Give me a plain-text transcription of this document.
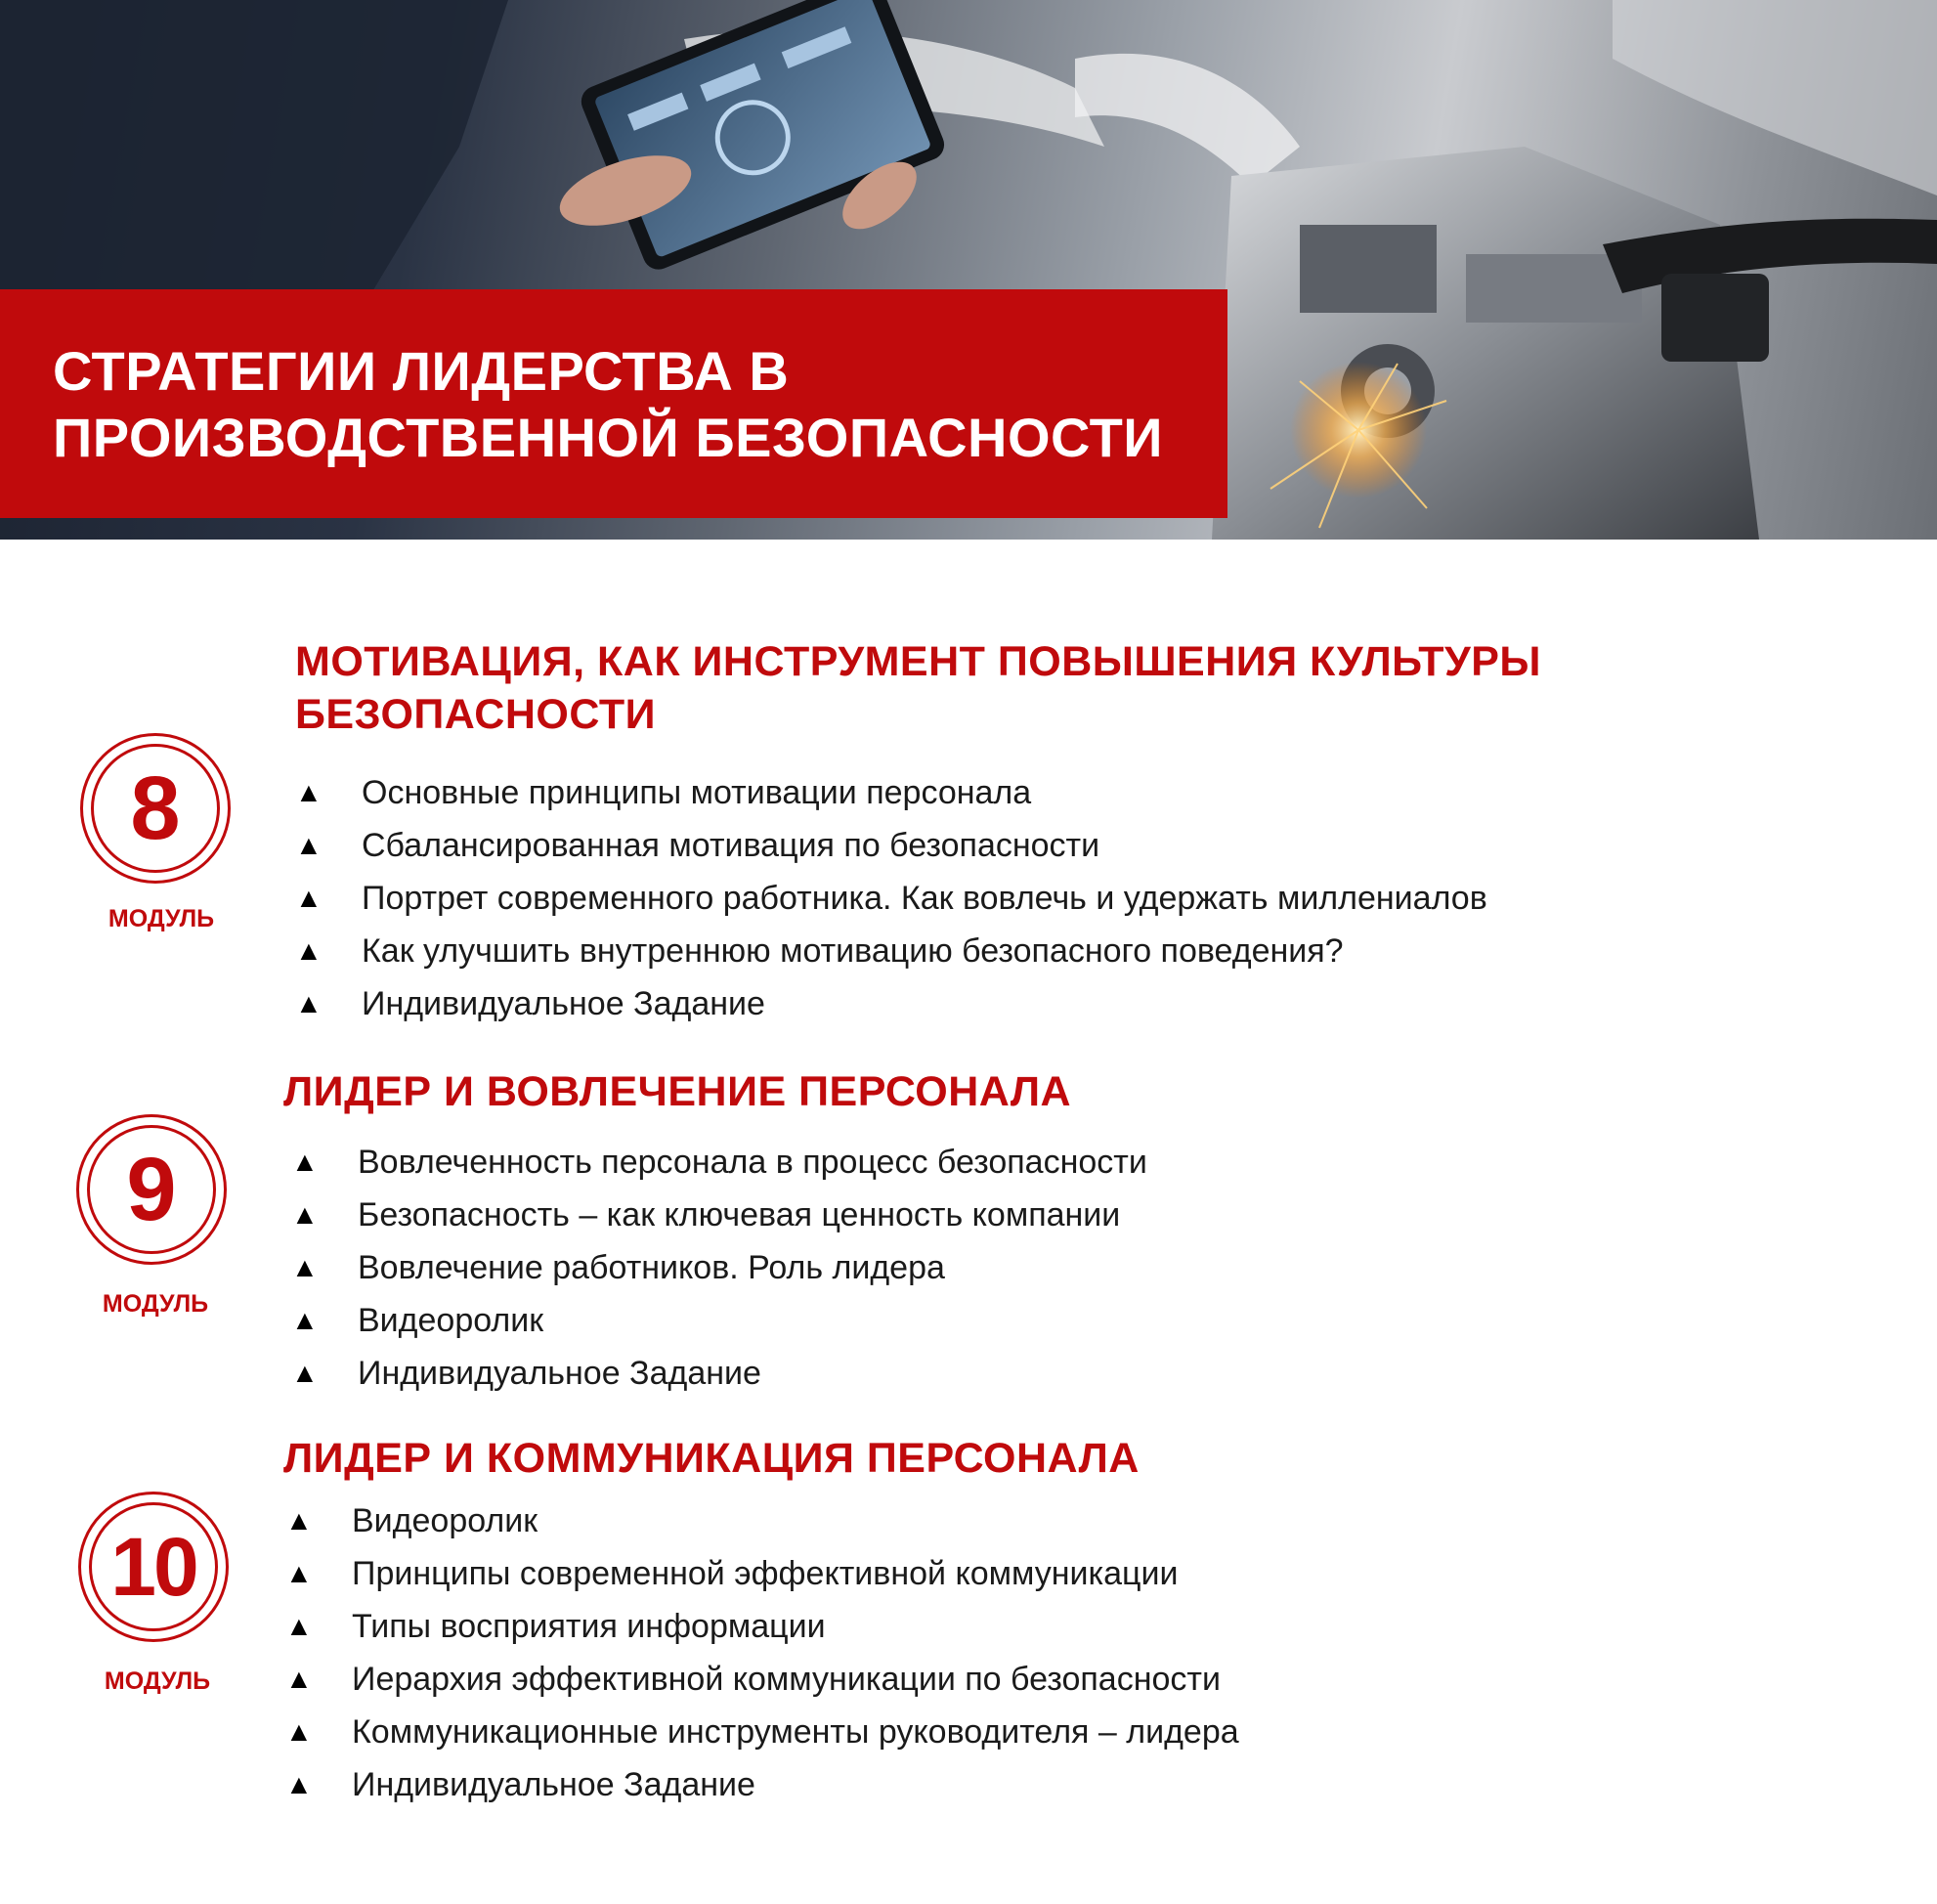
СТРАТЕГИИ ЛИДЕРСТВА В
ПРОИЗВОДСТВЕННОЙ БЕЗОПАСНОСТИ
8
МОДУЛЬ
МОТИВАЦИЯ, КАК ИНСТРУМЕНТ ПОВЫШЕНИЯ КУЛЬТУРЫ
БЕЗОПАСНОСТИ
▲	Основные принципы мотивации персонала
▲	Сбалансированная мотивация по безопасности
▲	Портрет современного работника. Как вовлечь и удержать миллениалов
▲	Как улучшить внутреннюю мотивацию безопасного поведения?
▲	Индивидуальное Задание
9
МОДУЛЬ
ЛИДЕР И ВОВЛЕЧЕНИЕ ПЕРСОНАЛА
▲	Вовлеченность персонала в процесс безопасности
▲	Безопасность – как ключевая ценность компании
▲	Вовлечение работников. Роль лидера
▲	Видеоролик
▲	Индивидуальное Задание
10
МОДУЛЬ
ЛИДЕР И КОММУНИКАЦИЯ ПЕРСОНАЛА
▲	Видеоролик
▲	Принципы современной эффективной коммуникации
▲	Типы восприятия информации
▲	Иерархия эффективной коммуникации по безопасности
▲	Коммуникационные инструменты руководителя – лидера
▲	Индивидуальное Задание
